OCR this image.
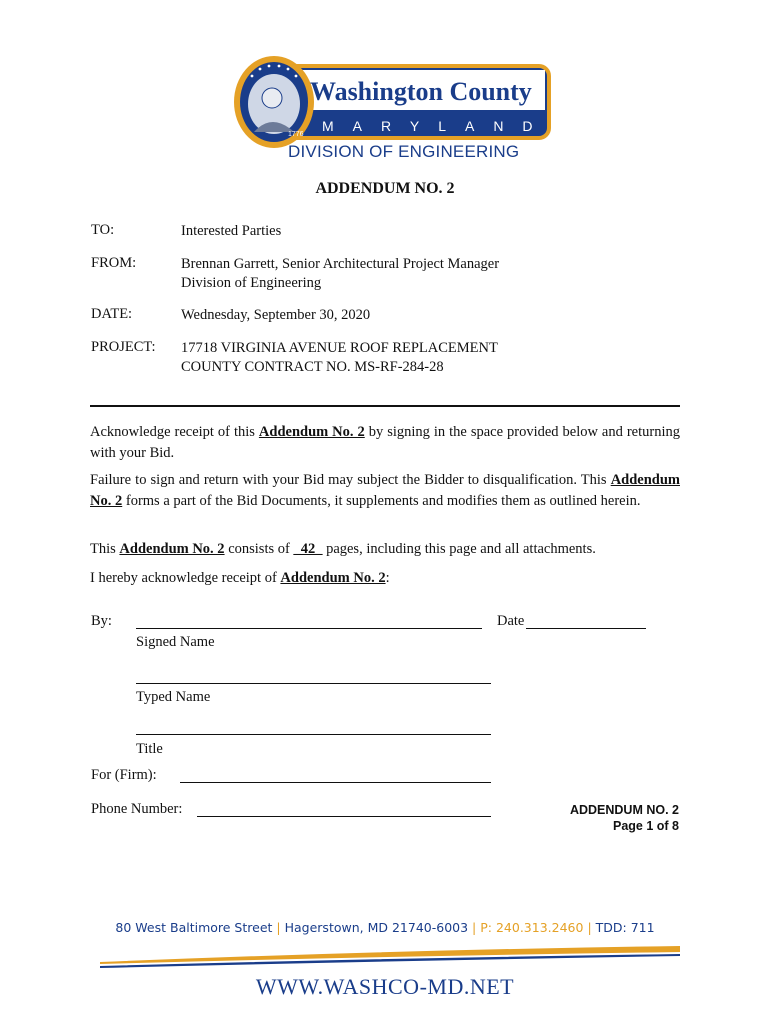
1776
Washington County
MARYLAND
DIVISION OF ENGINEERING
ADDENDUM NO. 2
TO:	Interested Parties
FROM:	Brennan Garrett, Senior Architectural Project Manager
Division of Engineering
DATE:	Wednesday, September 30, 2020
PROJECT: 17718 VIRGINIA AVENUE ROOF REPLACEMENT
COUNTY CONTRACT NO. MS-RF-284-28
Acknowledge receipt of this Addendum No. 2 by signing in the space provided below and returning with your Bid.
Failure to sign and return with your Bid may subject the Bidder to disqualification. This Addendum No. 2 forms a part of the Bid Documents, it supplements and modifies them as outlined herein.
This Addendum No. 2 consists of _42_ pages, including this page and all attachments.
I hereby acknowledge receipt of Addendum No. 2:
By:	Date
Signed Name
Typed Name
Title
For (Firm):
Phone Number:	ADDENDUM NO. 2
Page 1 of 8
80 West Baltimore Street | Hagerstown, MD 21740-6003 | P: 240.313.2460 | TDD: 711
WWW.WASHCO-MD.NET
